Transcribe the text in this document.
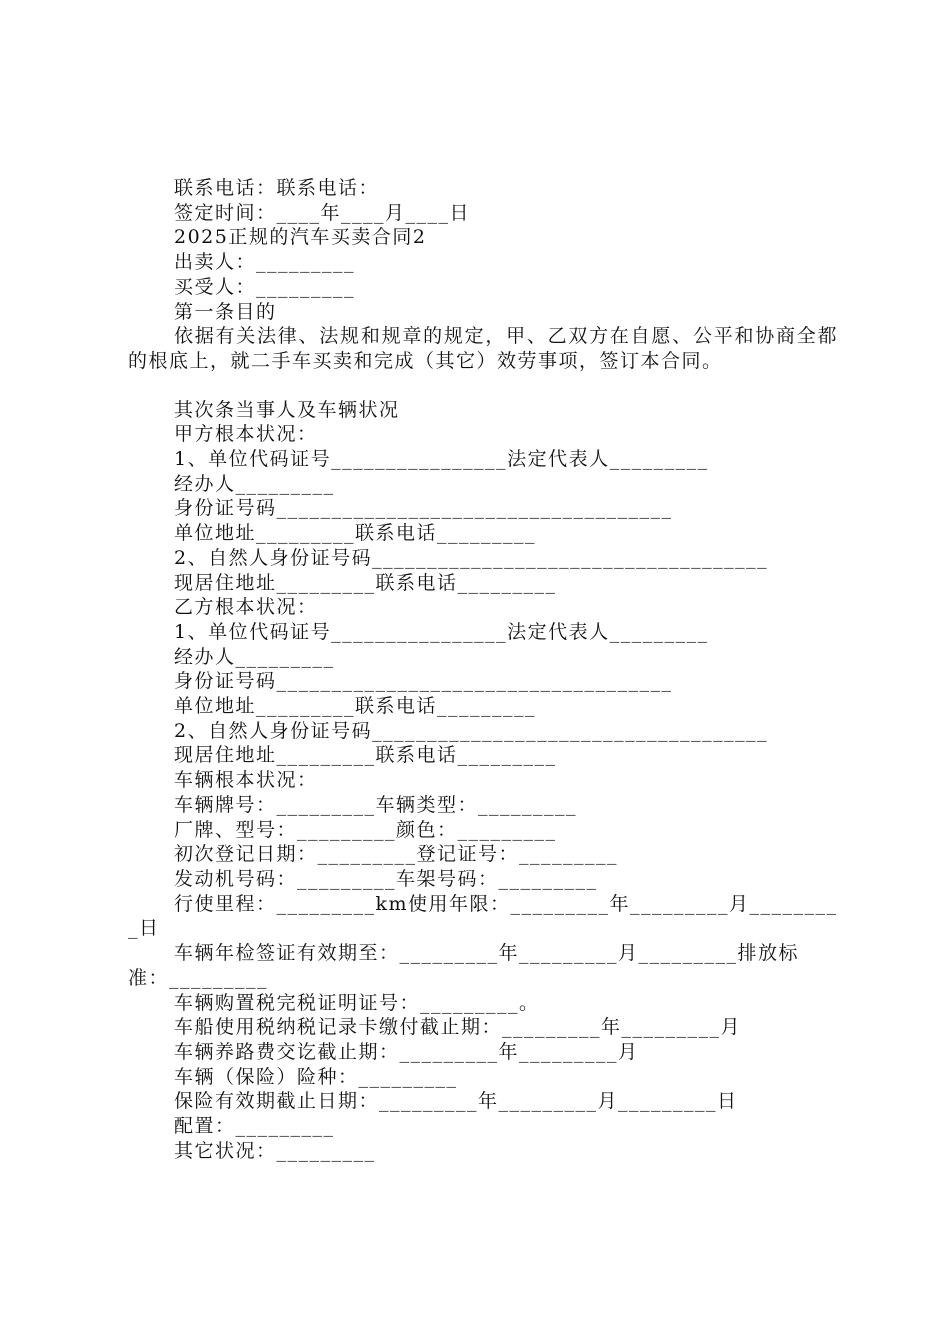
联系电话：联系电话：
签定时间：____年____月____日
2025正规的汽车买卖合同2
出卖人：_________
买受人：_________
第一条目的
依据有关法律、法规和规章的规定，甲、乙双方在自愿、公平和协商全都的根底上，就二手车买卖和完成（其它）效劳事项，签订本合同。
其次条当事人及车辆状况
甲方根本状况：
1、单位代码证号________________法定代表人_________
经办人_________
身份证号码____________________________________
单位地址_________联系电话_________
2、自然人身份证号码____________________________________
现居住地址_________联系电话_________
乙方根本状况：
1、单位代码证号________________法定代表人_________
经办人_________
身份证号码____________________________________
单位地址_________联系电话_________
2、自然人身份证号码____________________________________
现居住地址_________联系电话_________
车辆根本状况：
车辆牌号：_________车辆类型：_________
厂牌、型号：_________颜色：_________
初次登记日期：_________登记证号：_________
发动机号码：_________车架号码：_________
行使里程：_________km使用年限：_________年_________月_________日
车辆年检签证有效期至：_________年_________月_________排放标准：_________
车辆购置税完税证明证号：_________。
车船使用税纳税记录卡缴付截止期：_________年_________月
车辆养路费交讫截止期：_________年_________月
车辆（保险）险种：_________
保险有效期截止日期：_________年_________月_________日
配置：_________
其它状况：_________
